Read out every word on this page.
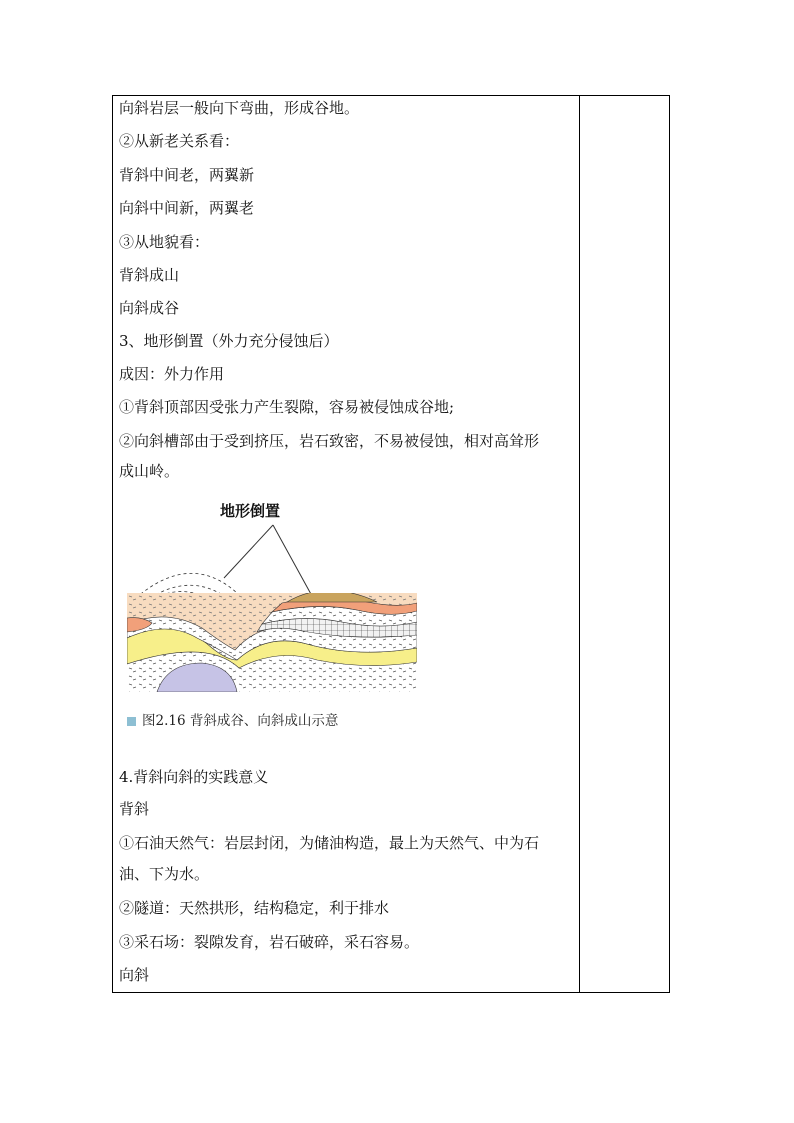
向斜岩层一般向下弯曲，形成谷地。
②从新老关系看：
背斜中间老，两翼新
向斜中间新，两翼老
③从地貌看：
背斜成山
向斜成谷
3、地形倒置（外力充分侵蚀后）
成因：外力作用
①背斜顶部因受张力产生裂隙，容易被侵蚀成谷地;
②向斜槽部由于受到挤压，岩石致密，不易被侵蚀，相对高耸形
成山岭。
地形倒置
图2.16 背斜成谷、向斜成山示意
4.背斜向斜的实践意义
背斜
①石油天然气：岩层封闭，为储油构造，最上为天然气、中为石
油、下为水。
②隧道：天然拱形，结构稳定，利于排水
③采石场：裂隙发育，岩石破碎，采石容易。
向斜
